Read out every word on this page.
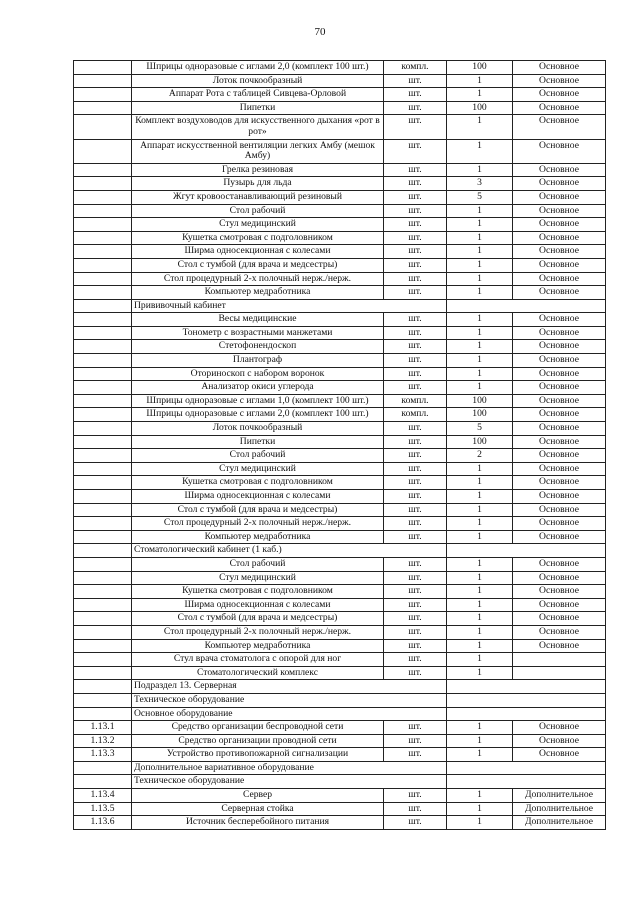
70
	Шприцы одноразовые с иглами 2,0 (комплект 100 шт.)	компл.	100	Основное	
	Лоток почкообразный	шт.	1	Основное	
	Аппарат Рота с таблицей Сивцева-Орловой	шт.	1	Основное	
	Пипетки	шт.	100	Основное	
	Комплект воздуховодов для искусственного дыхания «рот в рот»	шт.	1	Основное	
	Аппарат искусственной вентиляции легких Амбу (мешок Амбу)	шт.	1	Основное	
	Грелка резиновая	шт.	1	Основное	
	Пузырь для льда	шт.	3	Основное	
	Жгут кровоостанавливающий резиновый	шт.	5	Основное	
	Стол рабочий	шт.	1	Основное	
	Стул медицинский	шт.	1	Основное	
	Кушетка смотровая с подголовником	шт.	1	Основное	
	Ширма односекционная с колесами	шт.	1	Основное	
	Стол с тумбой (для врача и медсестры)	шт.	1	Основное	
	Стол процедурный 2-х полочный нерж./нерж.	шт.	1	Основное	
	Компьютер медработника	шт.	1	Основное	
	Прививочный кабинет				
	Весы медицинские	шт.	1	Основное	
	Тонометр с возрастными манжетами	шт.	1	Основное	
	Стетофонендоскоп	шт.	1	Основное	
	Плантограф	шт.	1	Основное	
	Оториноскоп с набором воронок	шт.	1	Основное	
	Анализатор окиси углерода	шт.	1	Основное	
	Шприцы одноразовые с иглами 1,0 (комплект 100 шт.)	компл.	100	Основное	
	Шприцы одноразовые с иглами 2,0 (комплект 100 шт.)	компл.	100	Основное	
	Лоток почкообразный	шт.	5	Основное	
	Пипетки	шт.	100	Основное	
	Стол рабочий	шт.	2	Основное	
	Стул медицинский	шт.	1	Основное	
	Кушетка смотровая с подголовником	шт.	1	Основное	
	Ширма односекционная с колесами	шт.	1	Основное	
	Стол с тумбой (для врача и медсестры)	шт.	1	Основное	
	Стол процедурный 2-х полочный нерж./нерж.	шт.	1	Основное	
	Компьютер медработника	шт.	1	Основное	
	Стоматологический кабинет (1 каб.)				
	Стол рабочий	шт.	1	Основное	
	Стул медицинский	шт.	1	Основное	
	Кушетка смотровая с подголовником	шт.	1	Основное	
	Ширма односекционная с колесами	шт.	1	Основное	
	Стол с тумбой (для врача и медсестры)	шт.	1	Основное	
	Стол процедурный 2-х полочный нерж./нерж.	шт.	1	Основное	
	Компьютер медработника	шт.	1	Основное	
	Стул врача стоматолога с опорой для ног	шт.	1		
	Стоматологический комплекс	шт.	1		
	Подраздел 13. Серверная				
	Техническое оборудование				
	Основное оборудование				
1.13.1	Средство организации беспроводной сети	шт.	1	Основное	
1.13.2	Средство организации проводной сети	шт.	1	Основное	
1.13.3	Устройство противопожарной сигнализации	шт.	1	Основное	
	Дополнительное вариативное оборудование				
	Техническое оборудование				
1.13.4	Сервер	шт.	1	Дополнительное	
1.13.5	Серверная стойка	шт.	1	Дополнительное	
1.13.6	Источник бесперебойного питания	шт.	1	Дополнительное	
